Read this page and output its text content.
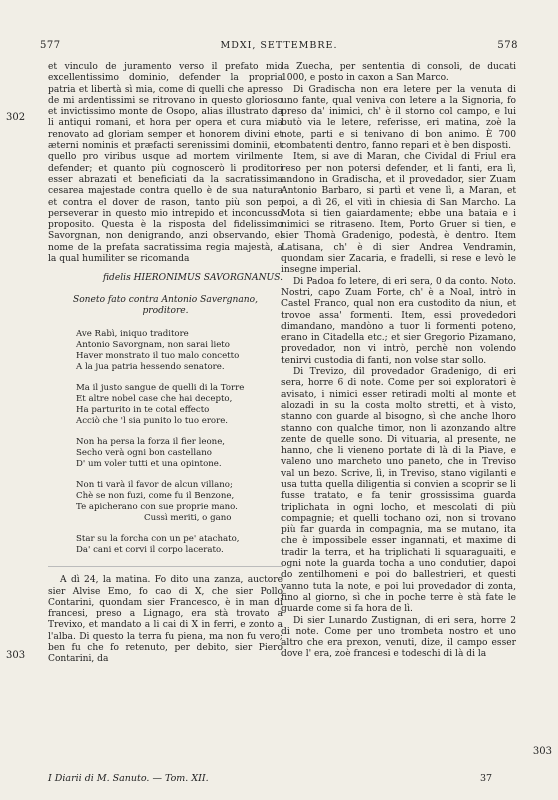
577	MDXI, SETTEMBRE.	578
302
303
303

et vinculo de juramento verso il prefato mio excellentissimo dominio, defender la propria patria et libertà sì mia, come di quelli che apresso de mi ardentissimi se ritrovano in questo glorioso et invictissimo monte de Osopo, alias illustrato da li antiqui romani, et hora per opera et cura mia renovato ad gloriam semper et honorem divini et æterni nominis et præfacti serenissimi dominii, et quello pro viribus usque ad mortem virilmente defender; et quanto più cognoscerò li proditori esser abrazati et beneficiati da la sacratissima cesarea majestade contra quello è de sua natura et contra el dover de rason, tanto più son per perseverar in questo mio intrepido et inconcusso proposito. Questa è la risposta del fidelissimo Savorgnan, non denigrando, anzi observando, el nome de la prefata sacratissima regia majestà, a la qual humiliter se ricomanda

fidelis HIERONIMUS SAVORGNANUS.
Soneto fato contra Antonio Savergnano,
proditore.
Ave Rabì, iniquo traditore
Antonio Savorgnam, non sarai lieto
Haver monstrato il tuo malo concetto
A la jua patria hessendo senatore.
Ma il justo sangue de quelli di la Torre
Et altre nobel case che hai decepto,
Ha parturito in te cotal effecto
Acciò che 'l sia punito lo tuo erore.
Non ha persa la forza il fier leone,
Secho verà ogni bon castellano
D' um voler tutti et una opintone.
Non ti varà il favor de alcun villano;
Chè se non fuzi, come fu il Benzone,
Te apicherano con sue proprie mano.
Cussì meriti, o gano
Star su la forcha con un pe' atachato,
Da' cani et corvi il corpo lacerato.

A dì 24, la matina. Fo dito una zanza, auctore sier Alvise Emo, fo cao di X, che sier Pollo Contarini, quondam sier Francesco, è in man di francesi, preso a Lignago, era stà trovato a Trevixo, et mandato a li cai di X in ferri, e zonto a l'alba. Di questo la terra fu piena, ma non fu vero; ben fu che fo retenuto, per debito, sier Piero Contarini, da

la Zuecha, per sententia di consoli, de ducati 1000, e posto in caxon a San Marco.

Di Gradischa non era letere per la venuta di uno fante, qual veniva con letere a la Signoria, fo preso da' inimici, ch' è il storno col campo, e lui butò via le letere, referisse, eri matina, zoè la note, parti e si tenivano di bon animo. È 700 combatenti dentro, fanno repari et è ben disposti.

Item, si ave di Maran, che Cividal di Friul era reso per non potersi defender, et li fanti, era lì, andono in Gradischa, et il provedador, sier Zuam Antonio Barbaro, si partì et vene lì, a Maran, et poi, a dì 26, el vitì in chiesia di San Marcho. La Mota si tien gaiardamente; ebbe una bataia e i nimici se ritraseno. Item, Porto Gruer si tien, e sier Thomà Gradenigo, podestà, è dentro. Item Latisana, ch' è di sier Andrea Vendramin, quondam sier Zacaria, e fradelli, si rese e levò le insegne imperial.

Di Padoa fo letere, di eri sera, 0 da conto. Noto. Nostri, capo Zuam Forte, ch' è a Noal, intrò in Castel Franco, qual non era custodito da niun, et trovoe assa' formenti. Item, essi provededori dimandano, mandòno a tuor li formenti poteno, erano in Citadella etc.; et sier Gregorio Pizamano, provedador, non vi intrò, perchè non volendo tenirvi custodia di fanti, non volse star sollo.

Di Trevizo, dil provedador Gradenigo, di eri sera, horre 6 di note. Come per soi exploratori è avisato, i nimici esser retiradi molti al monte et alozadi in su la costa molto stretti, et à visto, stanno con guarde al bisogno, sì che anche lhoro stanno con qualche timor, non li azonzando altre zente de quelle sono. Di vituaria, al presente, ne hanno, che li vieneno portate di là di la Piave, e valeno uno marcheto uno paneto, che in Treviso val un bezo. Scrive, lì, in Treviso, stano vigilanti e usa tutta quella diligentia si convien a scoprir se li fusse tratato, e fa tenir grossissima guarda triplichata in ogni locho, et mescolati di più compagnie; et quelli tochano ozi, non si trovano più far guarda in compagnia, ma se mutano, ita che è impossibele esser ingannati, et maxime di tradir la terra, et ha triplichati li squaraguaiti, e ogni note la guarda tocha a uno condutier, dapoi do zentilhomeni e poi do ballestrieri, et questi vanno tuta la note, e poi lui provedador di zonta, fino al giorno, sì che in poche terre è stà fate le guarde come si fa hora de lì.

Di sier Lunardo Zustignan, di eri sera, horre 2 di note. Come per uno trombeta nostro et uno altro che era prexon, venuti, dize, il campo esser dove l' era, zoè francesi e todeschi di là di la

I Diarii di M. Sanuto. — Tom. XII.	37
